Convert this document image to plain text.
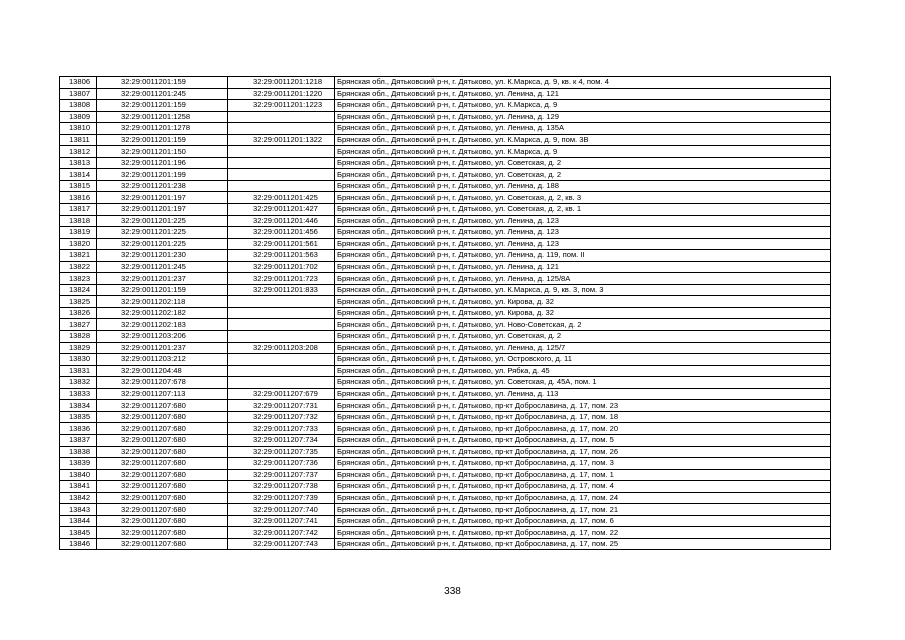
13806	32:29:0011201:159	32:29:0011201:1218	Брянская обл., Дятьковский р-н, г. Дятьково, ул. К.Маркса, д. 9, кв. к 4, пом. 4
13807	32:29:0011201:245	32:29:0011201:1220	Брянская обл., Дятьковский р-н, г. Дятьково, ул. Ленина, д. 121
13808	32:29:0011201:159	32:29:0011201:1223	Брянская обл., Дятьковский р-н, г. Дятьково, ул. К.Маркса, д. 9
13809	32:29:0011201:1258		Брянская обл., Дятьковский р-н, г. Дятьково, ул. Ленина, д. 129
13810	32:29:0011201:1278		Брянская обл., Дятьковский р-н, г. Дятьково, ул. Ленина, д. 135А
13811	32:29:0011201:159	32:29:0011201:1322	Брянская обл., Дятьковский р-н, г. Дятьково, ул. К.Маркса, д. 9, пом. 3В
13812	32:29:0011201:150		Брянская обл., Дятьковский р-н, г. Дятьково, ул. К.Маркса, д. 9
13813	32:29:0011201:196		Брянская обл., Дятьковский р-н, г. Дятьково, ул. Советская, д. 2
13814	32:29:0011201:199		Брянская обл., Дятьковский р-н, г. Дятьково, ул. Советская, д. 2
13815	32:29:0011201:238		Брянская обл., Дятьковский р-н, г. Дятьково, ул. Ленина, д. 188
13816	32:29:0011201:197	32:29:0011201:425	Брянская обл., Дятьковский р-н, г. Дятьково, ул. Советская, д. 2, кв. 3
13817	32:29:0011201:197	32:29:0011201:427	Брянская обл., Дятьковский р-н, г. Дятьково, ул. Советская, д. 2, кв. 1
13818	32:29:0011201:225	32:29:0011201:446	Брянская обл., Дятьковский р-н, г. Дятьково, ул. Ленина, д. 123
13819	32:29:0011201:225	32:29:0011201:456	Брянская обл., Дятьковский р-н, г. Дятьково, ул. Ленина, д. 123
13820	32:29:0011201:225	32:29:0011201:561	Брянская обл., Дятьковский р-н, г. Дятьково, ул. Ленина, д. 123
13821	32:29:0011201:230	32:29:0011201:563	Брянская обл., Дятьковский р-н, г. Дятьково, ул. Ленина, д. 119, пом. II
13822	32:29:0011201:245	32:29:0011201:702	Брянская обл., Дятьковский р-н, г. Дятьково, ул. Ленина, д. 121
13823	32:29:0011201:237	32:29:0011201:723	Брянская обл., Дятьковский р-н, г. Дятьково, ул. Ленина, д. 125/8А
13824	32:29:0011201:159	32:29:0011201:833	Брянская обл., Дятьковский р-н, г. Дятьково, ул. К.Маркса, д. 9, кв. 3, пом. 3
13825	32:29:0011202:118		Брянская обл., Дятьковский р-н, г. Дятьково, ул. Кирова, д. 32
13826	32:29:0011202:182		Брянская обл., Дятьковский р-н, г. Дятьково, ул. Кирова, д. 32
13827	32:29:0011202:183		Брянская обл., Дятьковский р-н, г. Дятьково, ул. Ново-Советская, д. 2
13828	32:29:0011203:206		Брянская обл., Дятьковский р-н, г. Дятьково, ул. Советская, д. 2
13829	32:29:0011201:237	32:29:0011203:208	Брянская обл., Дятьковский р-н, г. Дятьково, ул. Ленина, д. 125/7
13830	32:29:0011203:212		Брянская обл., Дятьковский р-н, г. Дятьково, ул. Островского, д. 11
13831	32:29:0011204:48		Брянская обл., Дятьковский р-н, г. Дятьково, ул. Рябка, д. 45
13832	32:29:0011207:678		Брянская обл., Дятьковский р-н, г. Дятьково, ул. Советская, д. 45А, пом. 1
13833	32:29:0011207:113	32:29:0011207:679	Брянская обл., Дятьковский р-н, г. Дятьково, ул. Ленина, д. 113
13834	32:29:0011207:680	32:29:0011207:731	Брянская обл., Дятьковский р-н, г. Дятьково, пр-кт Доброславина, д. 17, пом. 23
13835	32:29:0011207:680	32:29:0011207:732	Брянская обл., Дятьковский р-н, г. Дятьково, пр-кт Доброславина, д. 17, пом. 18
13836	32:29:0011207:680	32:29:0011207:733	Брянская обл., Дятьковский р-н, г. Дятьково, пр-кт Доброславина, д. 17, пом. 20
13837	32:29:0011207:680	32:29:0011207:734	Брянская обл., Дятьковский р-н, г. Дятьково, пр-кт Доброславина, д. 17, пом. 5
13838	32:29:0011207:680	32:29:0011207:735	Брянская обл., Дятьковский р-н, г. Дятьково, пр-кт Доброславина, д. 17, пом. 26
13839	32:29:0011207:680	32:29:0011207:736	Брянская обл., Дятьковский р-н, г. Дятьково, пр-кт Доброславина, д. 17, пом. 3
13840	32:29:0011207:680	32:29:0011207:737	Брянская обл., Дятьковский р-н, г. Дятьково, пр-кт Доброславина, д. 17, пом. 1
13841	32:29:0011207:680	32:29:0011207:738	Брянская обл., Дятьковский р-н, г. Дятьково, пр-кт Доброславина, д. 17, пом. 4
13842	32:29:0011207:680	32:29:0011207:739	Брянская обл., Дятьковский р-н, г. Дятьково, пр-кт Доброславина, д. 17, пом. 24
13843	32:29:0011207:680	32:29:0011207:740	Брянская обл., Дятьковский р-н, г. Дятьково, пр-кт Доброславина, д. 17, пом. 21
13844	32:29:0011207:680	32:29:0011207:741	Брянская обл., Дятьковский р-н, г. Дятьково, пр-кт Доброславина, д. 17, пом. 6
13845	32:29:0011207:680	32:29:0011207:742	Брянская обл., Дятьковский р-н, г. Дятьково, пр-кт Доброславина, д. 17, пом. 22
13846	32:29:0011207:680	32:29:0011207:743	Брянская обл., Дятьковский р-н, г. Дятьково, пр-кт Доброславина, д. 17, пом. 25
338
